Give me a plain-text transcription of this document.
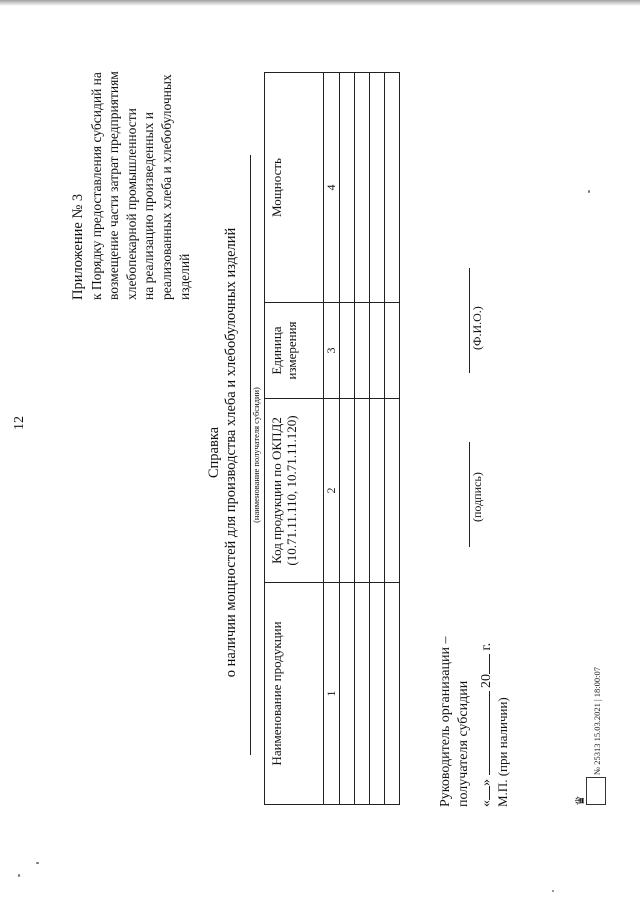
12
Приложение № 3 к Порядку предоставления субсидий на возмещение части затрат предприятиям хлебопекарной промышленности на реализацию произведенных и реализованных хлеба и хлебобулочных изделий
Справка о наличии мощностей для производства хлеба и хлебобулочных изделий (наименование получателя субсидии)
Наименование продукции	Код продукции по ОКПД2 (10.71.11.110, 10.71.11.120)	Единица измерения	Мощность
1	2	3	4

Руководитель организации – получателя субсидии
(подпись)
(Ф.И.О.)
«»  20 г.
М.П. (при наличии)	♛
№ 25313 15.03.2021 | 18:00:07
